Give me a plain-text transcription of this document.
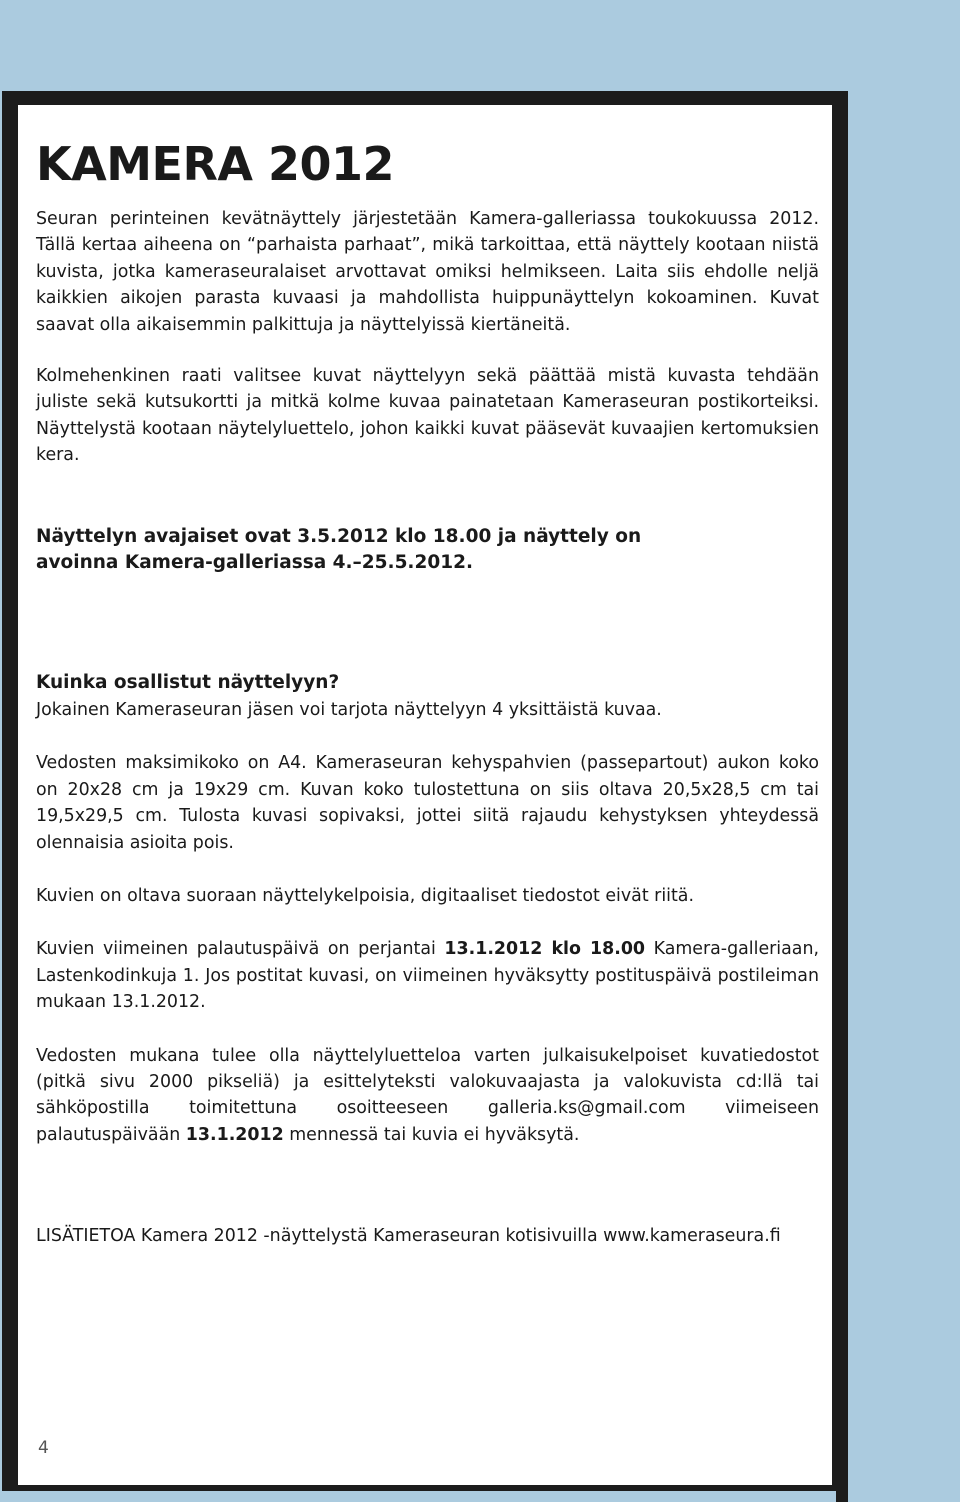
KAMERA 2012

Seuran perinteinen kevätnäyttely järjestetään Kamera-galleriassa toukokuussa 2012. Tällä kertaa aiheena on “parhaista parhaat”, mikä tarkoittaa, että näyttely kootaan niistä kuvista, jotka kameraseuralaiset arvottavat omiksi helmikseen. Laita siis ehdolle neljä kaikkien aikojen parasta kuvaasi ja mahdollista huippunäyttelyn kokoaminen. Kuvat saavat olla aikaisemmin palkittuja ja näyttelyissä kiertäneitä.

Kolmehenkinen raati valitsee kuvat näyttelyyn sekä päättää mistä kuvasta tehdään juliste sekä kutsukortti ja mitkä kolme kuvaa painatetaan Kameraseuran postikorteiksi. Näyttelystä kootaan näytelyluettelo, johon kaikki kuvat pääsevät kuvaajien kertomuksien kera.

Näyttelyn avajaiset ovat 3.5.2012 klo 18.00 ja näyttely on

avoinna Kamera-galleriassa 4.–25.5.2012.

Kuinka osallistut näyttelyyn?

Jokainen Kameraseuran jäsen voi tarjota näyttelyyn 4 yksittäistä kuvaa.

Vedosten maksimikoko on A4. Kameraseuran kehyspahvien (passepartout) aukon koko on 20x28 cm ja 19x29 cm. Kuvan koko tulostettuna on siis oltava 20,5x28,5 cm tai 19,5x29,5 cm. Tulosta kuvasi sopivaksi, jottei siitä rajaudu kehystyksen yhteydessä olennaisia asioita pois.

Kuvien on oltava suoraan näyttelykelpoisia, digitaaliset tiedostot eivät riitä.

Kuvien viimeinen palautuspäivä on perjantai 13.1.2012 klo 18.00 Kamera-galleriaan, Lastenkodinkuja 1. Jos postitat kuvasi, on viimeinen hyväksytty postituspäivä postileiman mukaan 13.1.2012.

Vedosten mukana tulee olla näyttelyluetteloa varten julkaisukelpoiset kuvatiedostot (pitkä sivu 2000 pikseliä) ja esittelyteksti valokuvaajasta ja valokuvista cd:llä tai sähköpostilla toimitettuna osoitteeseen galleria.ks@gmail.com viimeiseen palautuspäivään 13.1.2012 mennessä tai kuvia ei hyväksytä.

LISÄTIETOA Kamera 2012 -näyttelystä Kameraseuran kotisivuilla www.kameraseura.fi

4
